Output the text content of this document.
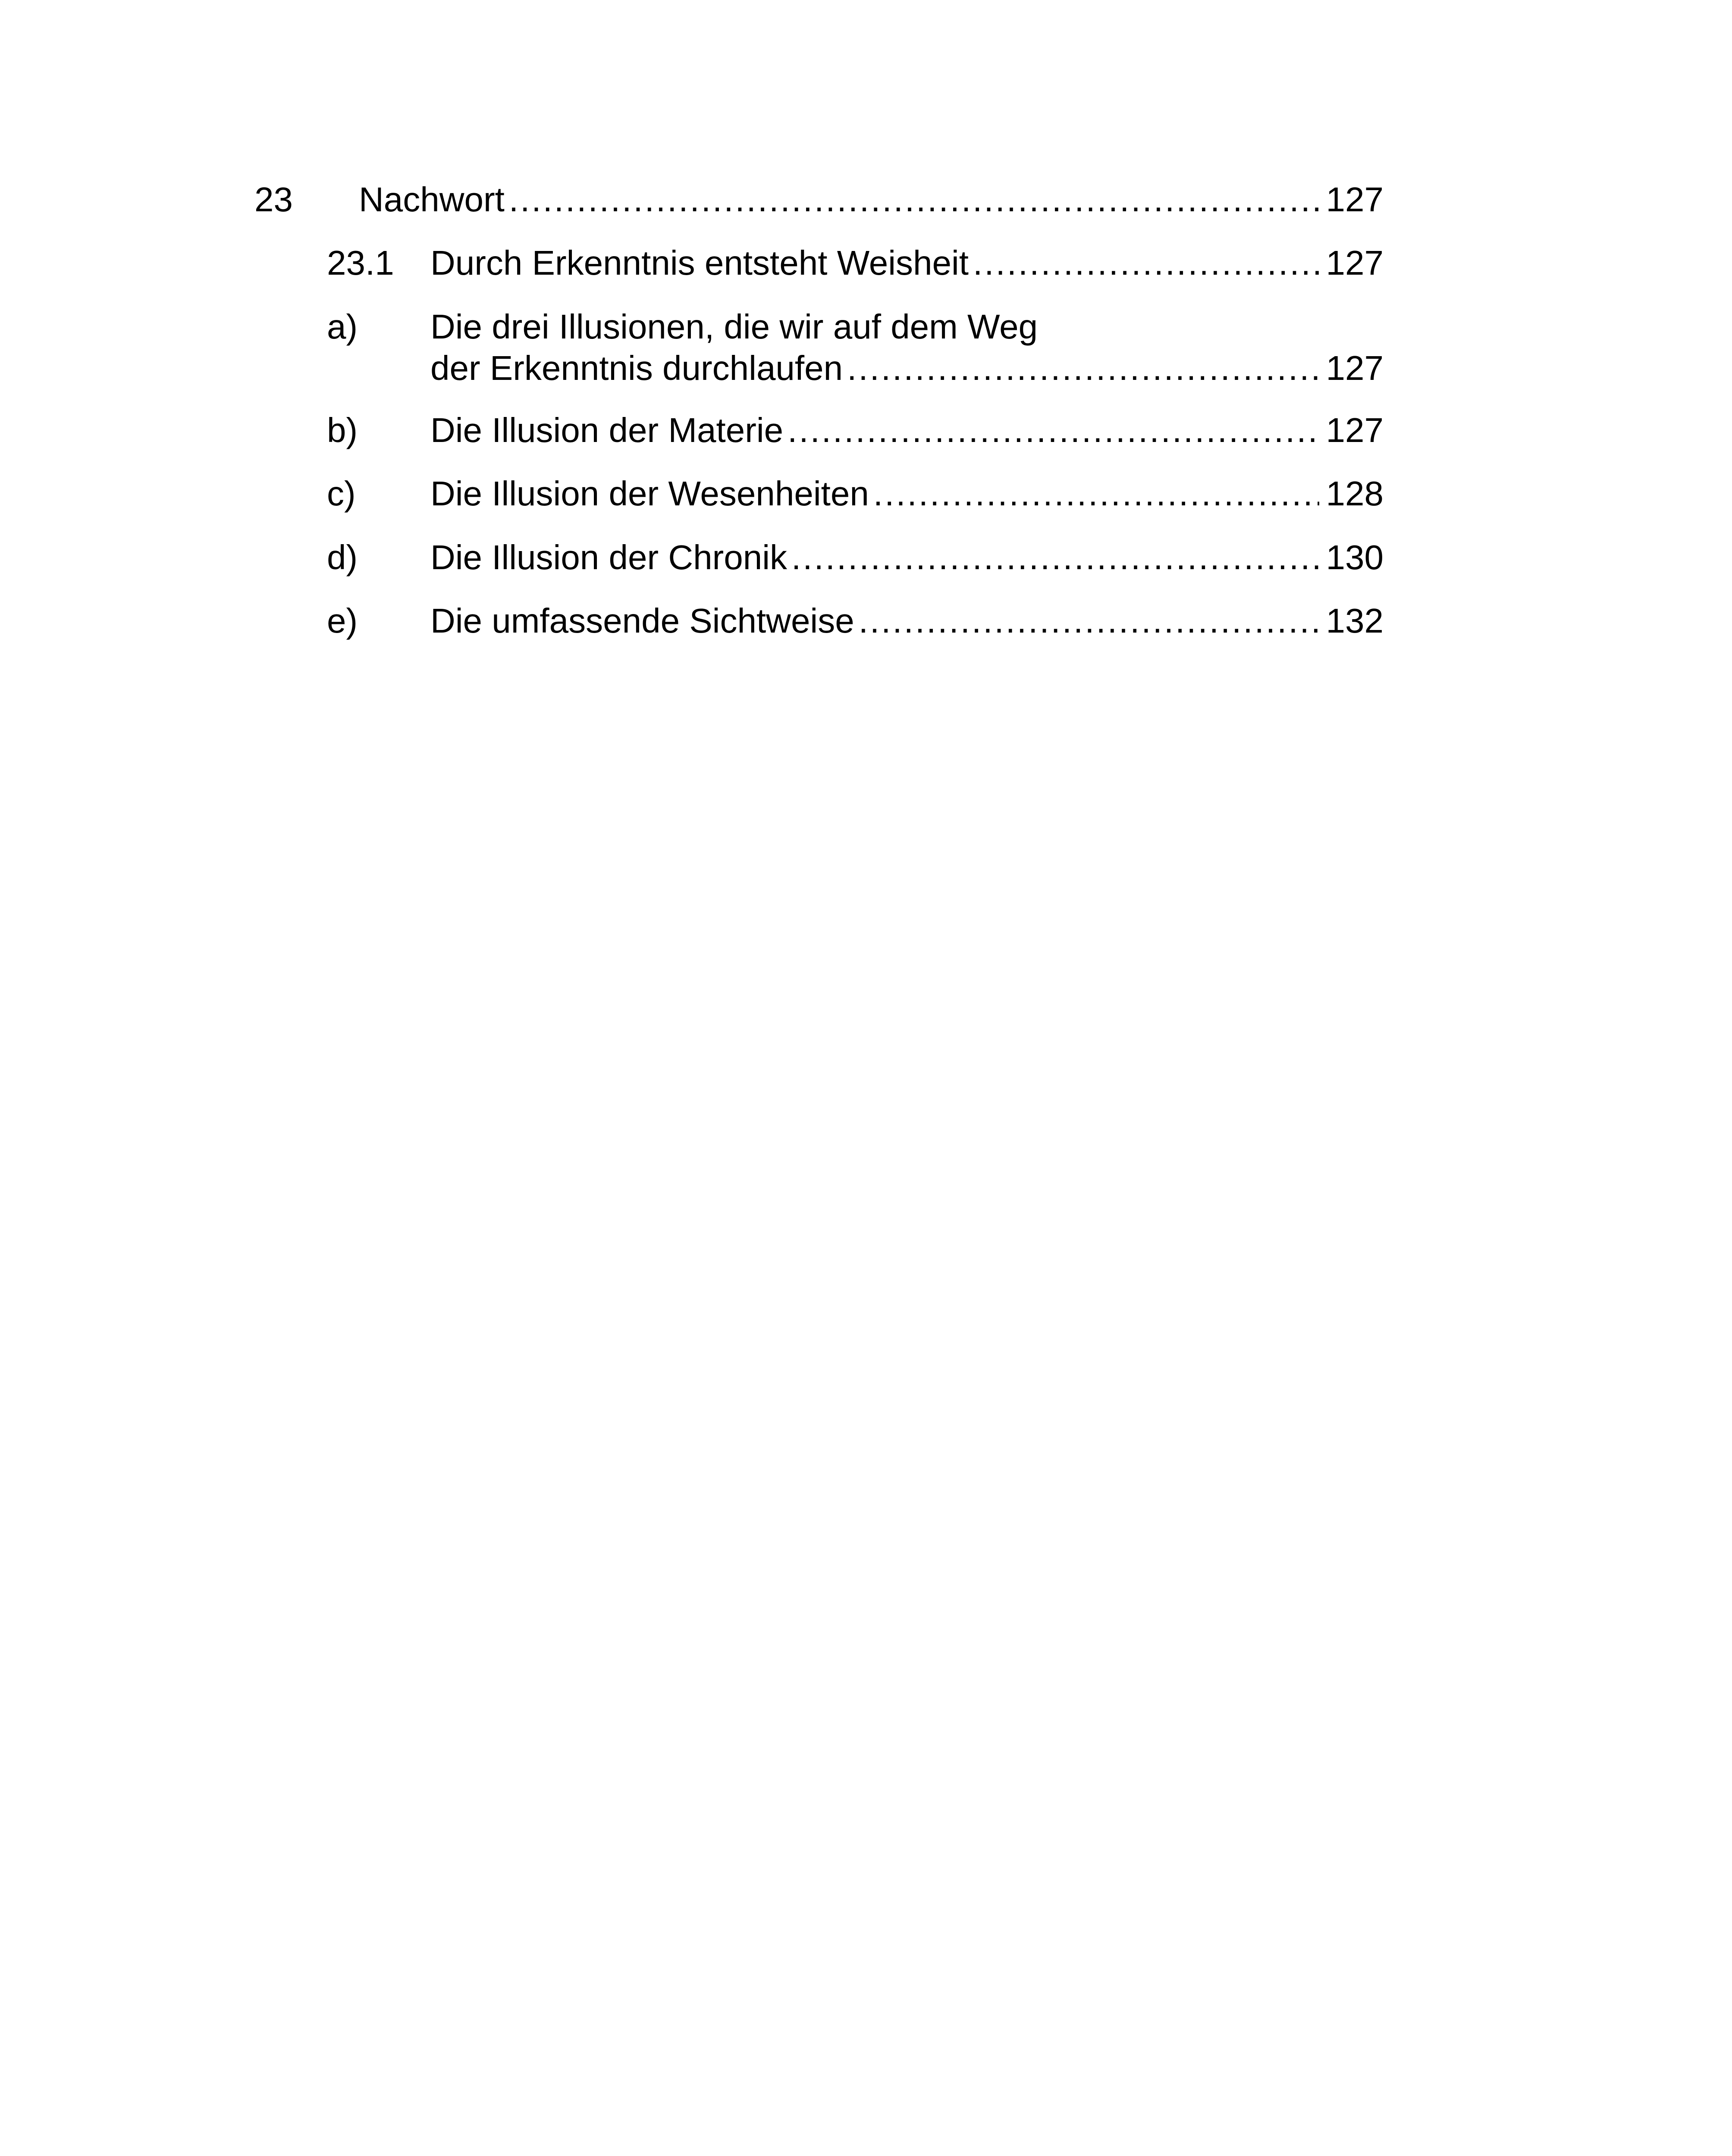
23 Nachwort .....	127
23.1 Durch Erkenntnis entsteht Weisheit .....	127
a) Die drei Illusionen, die wir auf dem Weg
der Erkenntnis durchlaufen .....	127
b) Die Illusion der Materie .....	127
c) Die Illusion der Wesenheiten .....	128
d) Die Illusion der Chronik .....	130
e) Die umfassende Sichtweise .....	132
